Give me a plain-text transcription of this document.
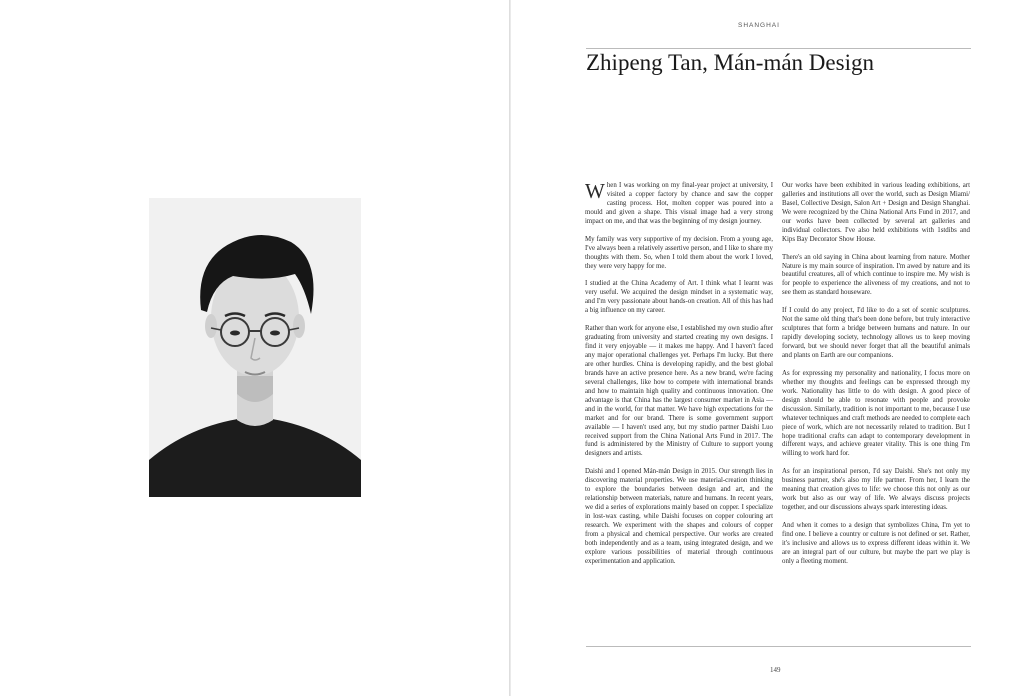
SHANGHAI
Zhipeng Tan, Mán-mán Design

When I was working on my final-year project at university, I visited a copper factory by chance and saw the copper casting process. Hot, molten copper was poured into a mould and given a shape. This visual image had a very strong impact on me, and that was the beginning of my design journey.

My family was very supportive of my decision. From a young age, I've always been a relatively assertive person, and I like to share my thoughts with them. So, when I told them about the work I loved, they were very happy for me.

I studied at the China Academy of Art. I think what I learnt was very useful. We acquired the design mindset in a systematic way, and I'm very passionate about hands-on creation. All of this has had a big influence on my career.

Rather than work for anyone else, I established my own studio after graduating from university and started creating my own designs. I find it very enjoyable — it makes me happy. And I haven't faced any major operational challenges yet. Perhaps I'm lucky. But there are other hurdles. China is developing rapidly, and the best global brands have an active presence here. As a new brand, we're facing several challenges, like how to compete with international brands and how to maintain high quality and continuous innovation. One advantage is that China has the largest consumer market in Asia — and in the world, for that matter. We have high expectations for the market and for our brand. There is some government support available — I haven't used any, but my studio partner Daishi Luo received support from the China National Arts Fund in 2017. The fund is administered by the Ministry of Culture to support young designers and artists.

Daishi and I opened Mán-mán Design in 2015. Our strength lies in discovering material properties. We use material-creation thinking to explore the boundaries between design and art, and the relationship between materials, nature and humans. In recent years, we did a series of explorations mainly based on copper. I specialize in lost-wax casting, while Daishi focuses on copper colouring art research. We experiment with the shapes and colours of copper from a physical and chemical perspective. Our works are created both independently and as a team, using integrated design, and we explore various possibilities of material through continuous experimentation and application.

Our works have been exhibited in various leading exhibitions, art galleries and institutions all over the world, such as Design Miami/ Basel, Collective Design, Salon Art + Design and Design Shanghai. We were recognized by the China National Arts Fund in 2017, and our works have been collected by several art galleries and individual collectors. I've also held exhibitions with 1stdibs and Kips Bay Decorator Show House.

There's an old saying in China about learning from nature. Mother Nature is my main source of inspiration. I'm awed by nature and its beautiful creatures, all of which continue to inspire me. My wish is for people to experience the aliveness of my creations, and not to see them as standard houseware.

If I could do any project, I'd like to do a set of scenic sculptures. Not the same old thing that's been done before, but truly interactive sculptures that form a bridge between humans and nature. In our rapidly developing society, technology allows us to keep moving forward, but we should never forget that all the beautiful animals and plants on Earth are our companions.

As for expressing my personality and nationality, I focus more on whether my thoughts and feelings can be expressed through my work. Nationality has little to do with design. A good piece of design should be able to resonate with people and provoke discussion. Similarly, tradition is not important to me, because I use whatever techniques and craft methods are needed to complete each piece of work, which are not necessarily related to tradition. But I hope traditional crafts can adapt to contemporary development in different ways, and achieve greater vitality. This is one thing I'm willing to work hard for.

As for an inspirational person, I'd say Daishi. She's not only my business partner, she's also my life partner. From her, I learn the meaning that creation gives to life: we choose this not only as our work but also as our way of life. We always discuss projects together, and our discussions always spark interesting ideas.

And when it comes to a design that symbolizes China, I'm yet to find one. I believe a country or culture is not defined or set. Rather, it's inclusive and allows us to express different ideas within it. We are an integral part of our culture, but maybe the part we play is only a fleeting moment.

149
